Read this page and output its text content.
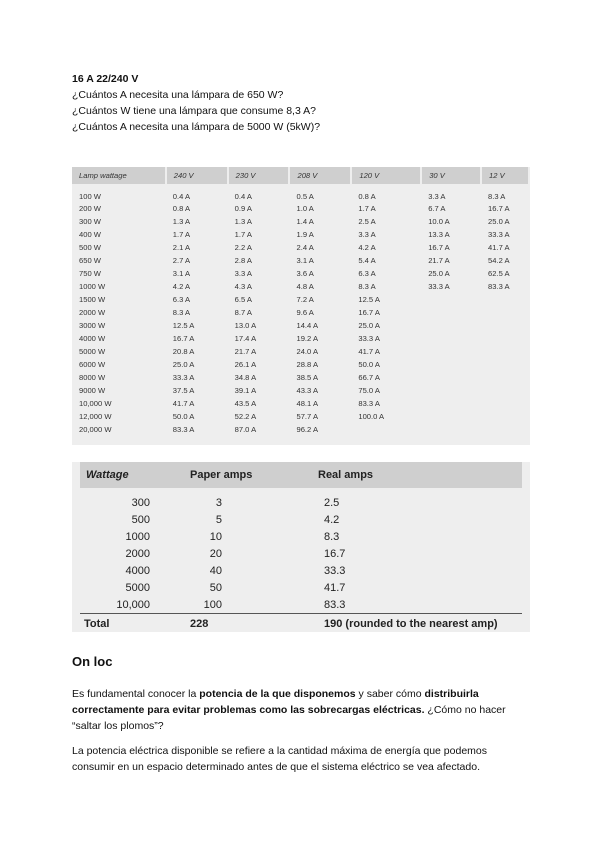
16 A 22/240 V
¿Cuántos A necesita una lámpara de 650 W?
¿Cuántos W tiene una lámpara que consume 8,3 A?
¿Cuántos A necesita una lámpara de 5000 W (5kW)?
Lamp wattage	240 V	230 V	208 V	120 V	30 V	12 V
100 W	0.4 A	0.4 A	0.5 A	0.8 A	3.3 A	8.3 A
200 W	0.8 A	0.9 A	1.0 A	1.7 A	6.7 A	16.7 A
300 W	1.3 A	1.3 A	1.4 A	2.5 A	10.0 A	25.0 A
400 W	1.7 A	1.7 A	1.9 A	3.3 A	13.3 A	33.3 A
500 W	2.1 A	2.2 A	2.4 A	4.2 A	16.7 A	41.7 A
650 W	2.7 A	2.8 A	3.1 A	5.4 A	21.7 A	54.2 A
750 W	3.1 A	3.3 A	3.6 A	6.3 A	25.0 A	62.5 A
1000 W	4.2 A	4.3 A	4.8 A	8.3 A	33.3 A	83.3 A
1500 W	6.3 A	6.5 A	7.2 A	12.5 A		
2000 W	8.3 A	8.7 A	9.6 A	16.7 A		
3000 W	12.5 A	13.0 A	14.4 A	25.0 A		
4000 W	16.7 A	17.4 A	19.2 A	33.3 A		
5000 W	20.8 A	21.7 A	24.0 A	41.7 A		
6000 W	25.0 A	26.1 A	28.8 A	50.0 A		
8000 W	33.3 A	34.8 A	38.5 A	66.7 A		
9000 W	37.5 A	39.1 A	43.3 A	75.0 A		
10,000 W	41.7 A	43.5 A	48.1 A	83.3 A		
12,000 W	50.0 A	52.2 A	57.7 A	100.0 A		
20,000 W	83.3 A	87.0 A	96.2 A			
Wattage	Paper amps	Real amps
300	3	2.5
500	5	4.2
1000	10	8.3
2000	20	16.7
4000	40	33.3
5000	50	41.7
10,000	100	83.3
Total	228	190 (rounded to the nearest amp)
On loc
Es fundamental conocer la potencia de la que disponemos y saber cómo distribuirla correctamente para evitar problemas como las sobrecargas eléctricas. ¿Cómo no hacer “saltar los plomos”?
La potencia eléctrica disponible se refiere a la cantidad máxima de energía que podemos consumir en un espacio determinado antes de que el sistema eléctrico se vea afectado.
